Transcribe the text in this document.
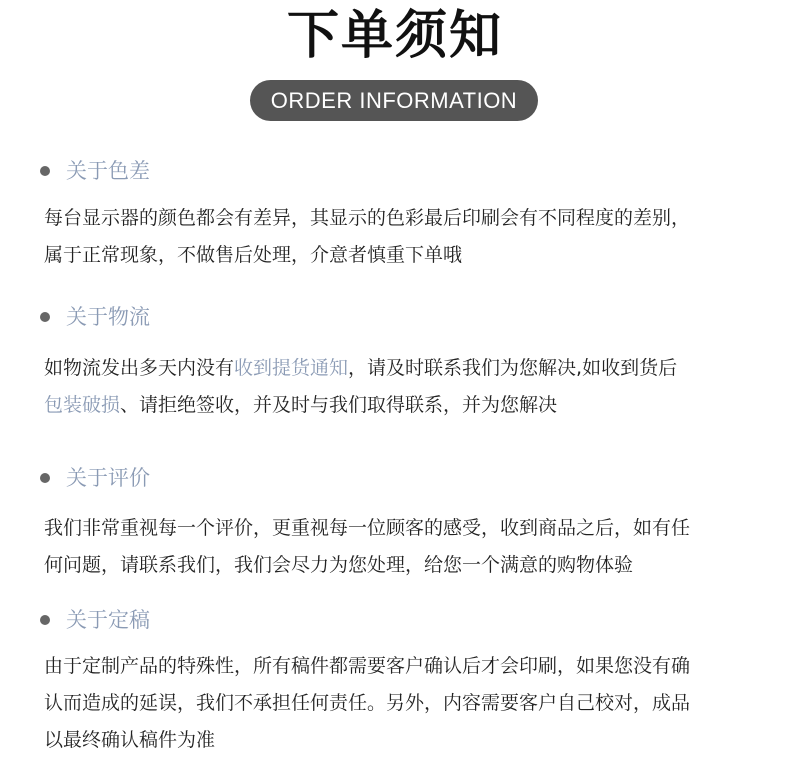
下单须知
ORDER INFORMATION
关于色差
每台显示器的颜色都会有差异，其显示的色彩最后印刷会有不同程度的差别，
属于正常现象，不做售后处理，介意者慎重下单哦
关于物流
如物流发出多天内没有收到提货通知，请及时联系我们为您解决,如收到货后
包装破损、请拒绝签收，并及时与我们取得联系，并为您解决
关于评价
我们非常重视每一个评价，更重视每一位顾客的感受，收到商品之后，如有任
何问题，请联系我们，我们会尽力为您处理，给您一个满意的购物体验
关于定稿
由于定制产品的特殊性，所有稿件都需要客户确认后才会印刷，如果您没有确
认而造成的延误，我们不承担任何责任。另外，内容需要客户自己校对，成品
以最终确认稿件为准
